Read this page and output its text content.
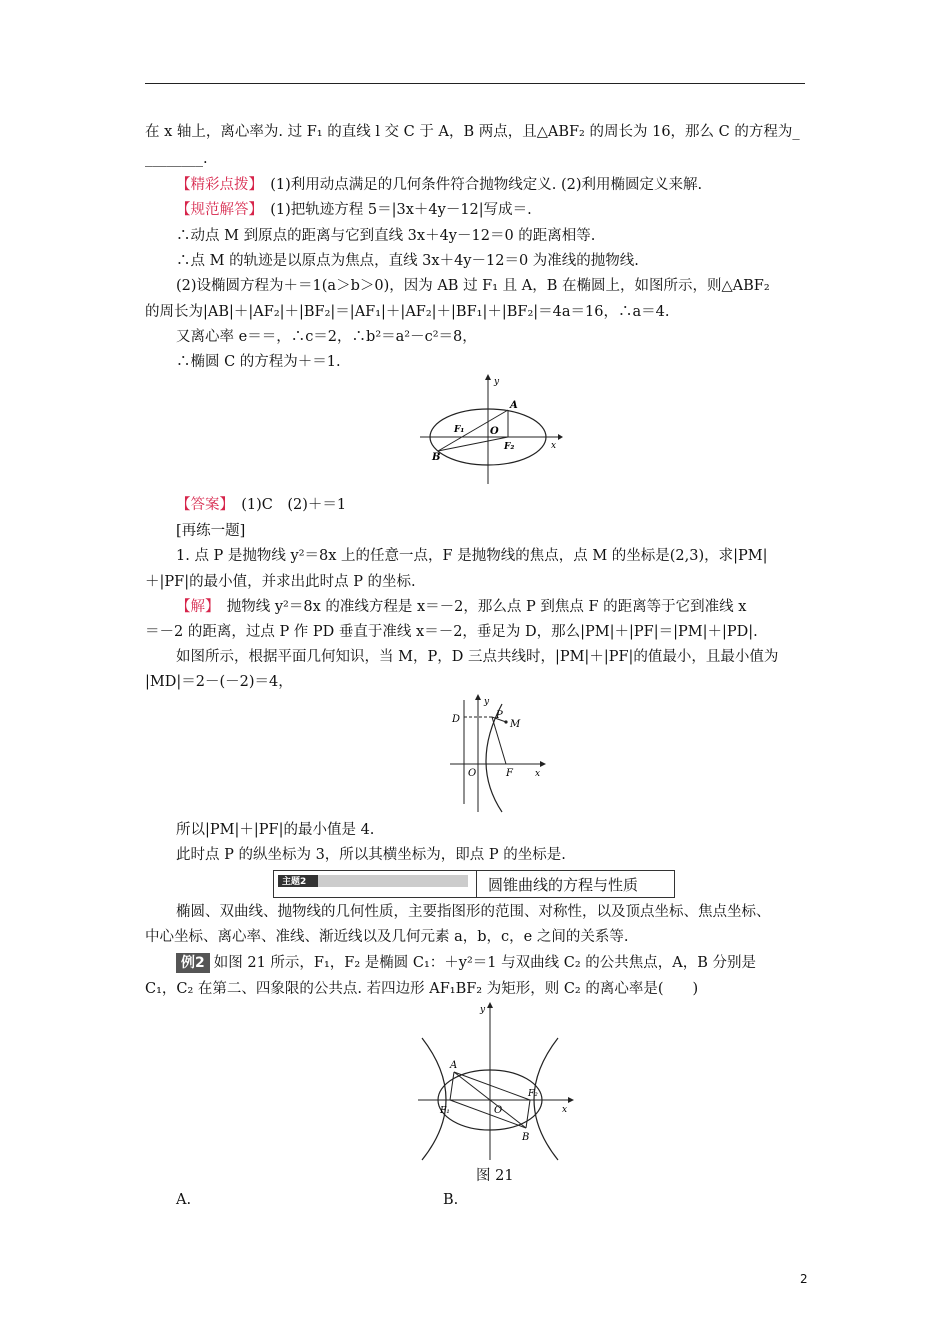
在 x 轴上，离心率为. 过 F₁ 的直线 l 交 C 于 A，B 两点，且△ABF₂ 的周长为 16，那么 C 的方程为_
________.
【精彩点拨】　(1)利用动点满足的几何条件符合抛物线定义. (2)利用椭圆定义来解.
【规范解答】　(1)把轨迹方程 5＝|3x＋4y－12|写成＝.
∴动点 M 到原点的距离与它到直线 3x＋4y－12＝0 的距离相等.
∴点 M 的轨迹是以原点为焦点，直线 3x＋4y－12＝0 为准线的抛物线.
(2)设椭圆方程为＋＝1(a＞b＞0)，因为 AB 过 F₁ 且 A，B 在椭圆上，如图所示，则△ABF₂
的周长为|AB|＋|AF₂|＋|BF₂|＝|AF₁|＋|AF₂|＋|BF₁|＋|BF₂|＝4a＝16，∴a＝4.
又离心率 e＝＝，∴c＝2，∴b²＝a²－c²＝8，
∴椭圆 C 的方程为＋＝1.
y
x
A
B
O
F₁
F₂
【答案】　(1)C　(2)＋＝1
[再练一题]
1. 点 P 是抛物线 y²＝8x 上的任意一点，F 是抛物线的焦点，点 M 的坐标是(2,3)，求|PM|
＋|PF|的最小值，并求出此时点 P 的坐标.
【解】　抛物线 y²＝8x 的准线方程是 x＝－2，那么点 P 到焦点 F 的距离等于它到准线 x
＝－2 的距离，过点 P 作 PD 垂直于准线 x＝－2，垂足为 D，那么|PM|＋|PF|＝|PM|＋|PD|.
如图所示，根据平面几何知识，当 M，P，D 三点共线时，|PM|＋|PF|的值最小，且最小值为
|MD|＝2－(－2)＝4，
y
x
D	P
M
O	F
所以|PM|＋|PF|的最小值是 4.
此时点 P 的纵坐标为 3，所以其横坐标为，即点 P 的坐标是.
主题2	圆锥曲线的方程与性质
椭圆、双曲线、抛物线的几何性质，主要指图形的范围、对称性，以及顶点坐标、焦点坐标、
中心坐标、离心率、准线、渐近线以及几何元素 a，b，c，e 之间的关系等.
例2 如图 21 所示，F₁，F₂ 是椭圆 C₁：＋y²＝1 与双曲线 C₂ 的公共焦点，A，B 分别是
C₁，C₂ 在第二、四象限的公共点. 若四边形 AF₁BF₂ 为矩形，则 C₂ 的离心率是(　　)
y
x
A
B
O
F₁
F₂
图 21
A.	B.
2
